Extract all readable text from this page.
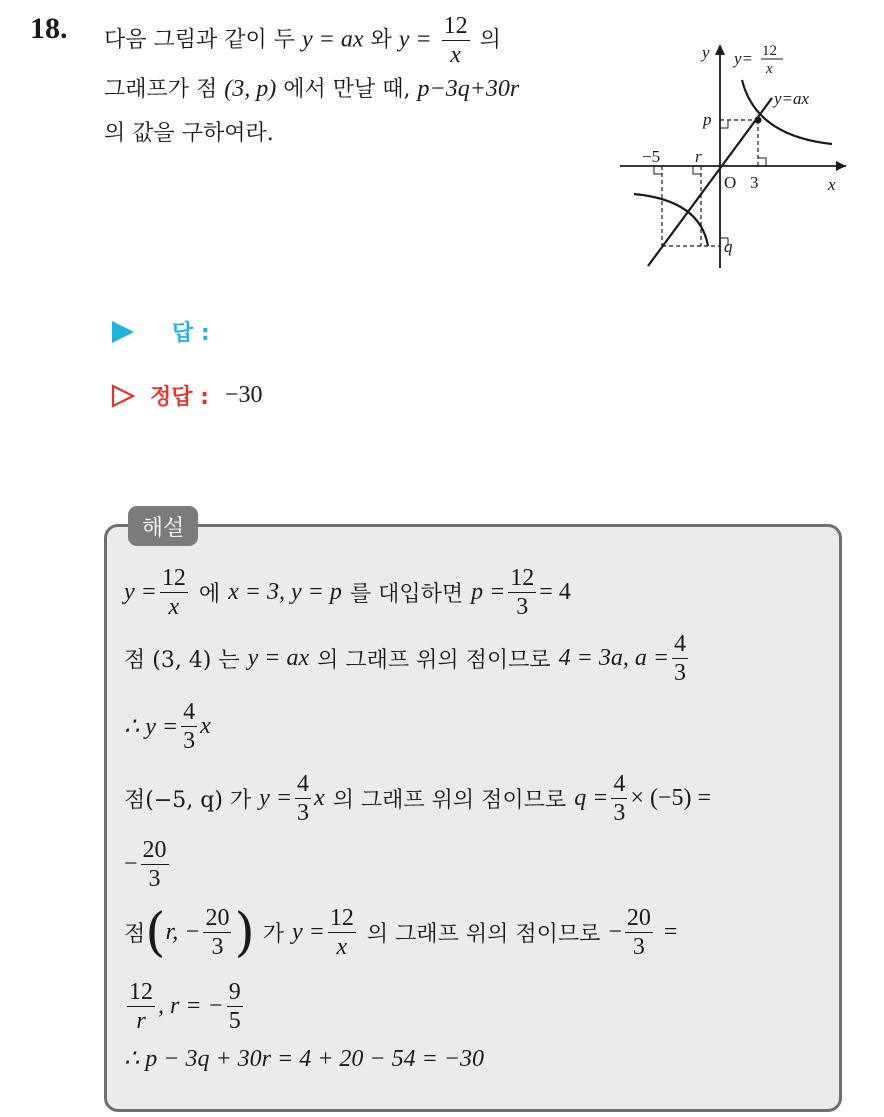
18. 다음 그림과 같이 두 y = ax 와 $y = \frac{12}{x}$ 의
그래프가 점 (3, p) 에서 만날 때, p−3q+30r
의 값을 구하여라.
y
x
O
y= 12
x
y=ax
p
q
r
3
−5
답 :
정답 : −30
해설
$y = \frac{12}{x}$ 에 x = 3, y = p 를 대입하면 $p = \frac{12}{3} = 4$
점 (3, 4) 는 y = ax 의 그래프 위의 점이므로 4 = 3a, $a = \frac{4}{3}$
∴ $y = \frac{4}{3}$ x
점(−5, q) 가 $y = \frac{4}{3}$ x 의 그래프 위의 점이므로 $q = \frac{4}{3} \times (-5)$ =
− $\frac{20}{3}$
점 ( r, − $\frac{20}{3}$ ) 가 $y = \frac{12}{x}$ 의 그래프 위의 점이므로 − $\frac{20}{3}$ =
$\frac{12}{r}$ , r = − $\frac{9}{5}$
∴ p − 3q + 30r = 4 + 20 − 54 = −30
